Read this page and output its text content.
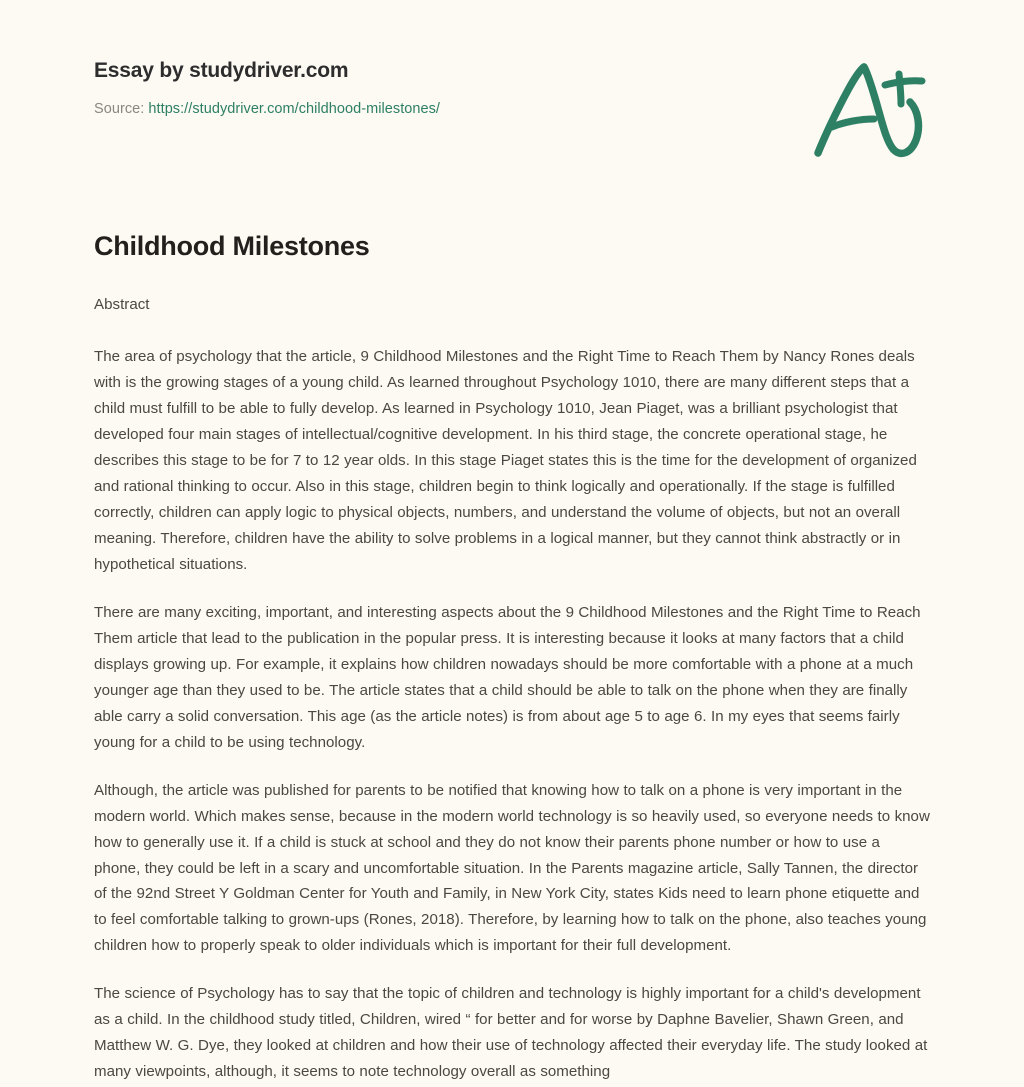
Essay by studydriver.com
Source: https://studydriver.com/childhood-milestones/
Childhood Milestones

Abstract

The area of psychology that the article, 9 Childhood Milestones and the Right Time to Reach Them by Nancy Rones deals with is the growing stages of a young child. As learned throughout Psychology 1010, there are many different steps that a child must fulfill to be able to fully develop. As learned in Psychology 1010, Jean Piaget, was a brilliant psychologist that developed four main stages of intellectual/cognitive development. In his third stage, the concrete operational stage, he describes this stage to be for 7 to 12 year olds. In this stage Piaget states this is the time for the development of organized and rational thinking to occur. Also in this stage, children begin to think logically and operationally. If the stage is fulfilled correctly, children can apply logic to physical objects, numbers, and understand the volume of objects, but not an overall meaning. Therefore, children have the ability to solve problems in a logical manner, but they cannot think abstractly or in hypothetical situations.

There are many exciting, important, and interesting aspects about the 9 Childhood Milestones and the Right Time to Reach Them article that lead to the publication in the popular press. It is interesting because it looks at many factors that a child displays growing up. For example, it explains how children nowadays should be more comfortable with a phone at a much younger age than they used to be. The article states that a child should be able to talk on the phone when they are finally able carry a solid conversation. This age (as the article notes) is from about age 5 to age 6. In my eyes that seems fairly young for a child to be using technology.

Although, the article was published for parents to be notified that knowing how to talk on a phone is very important in the modern world. Which makes sense, because in the modern world technology is so heavily used, so everyone needs to know how to generally use it. If a child is stuck at school and they do not know their parents phone number or how to use a phone, they could be left in a scary and uncomfortable situation. In the Parents magazine article, Sally Tannen, the director of the 92nd Street Y Goldman Center for Youth and Family, in New York City, states Kids need to learn phone etiquette and to feel comfortable talking to grown-ups (Rones, 2018). Therefore, by learning how to talk on the phone, also teaches young children how to properly speak to older individuals which is important for their full development.

The science of Psychology has to say that the topic of children and technology is highly important for a child's development as a child. In the childhood study titled, Children, wired “ for better and for worse by Daphne Bavelier, Shawn Green, and Matthew W. G. Dye, they looked at children and how their use of technology affected their everyday life. The study looked at many viewpoints, although, it seems to note technology overall as something
